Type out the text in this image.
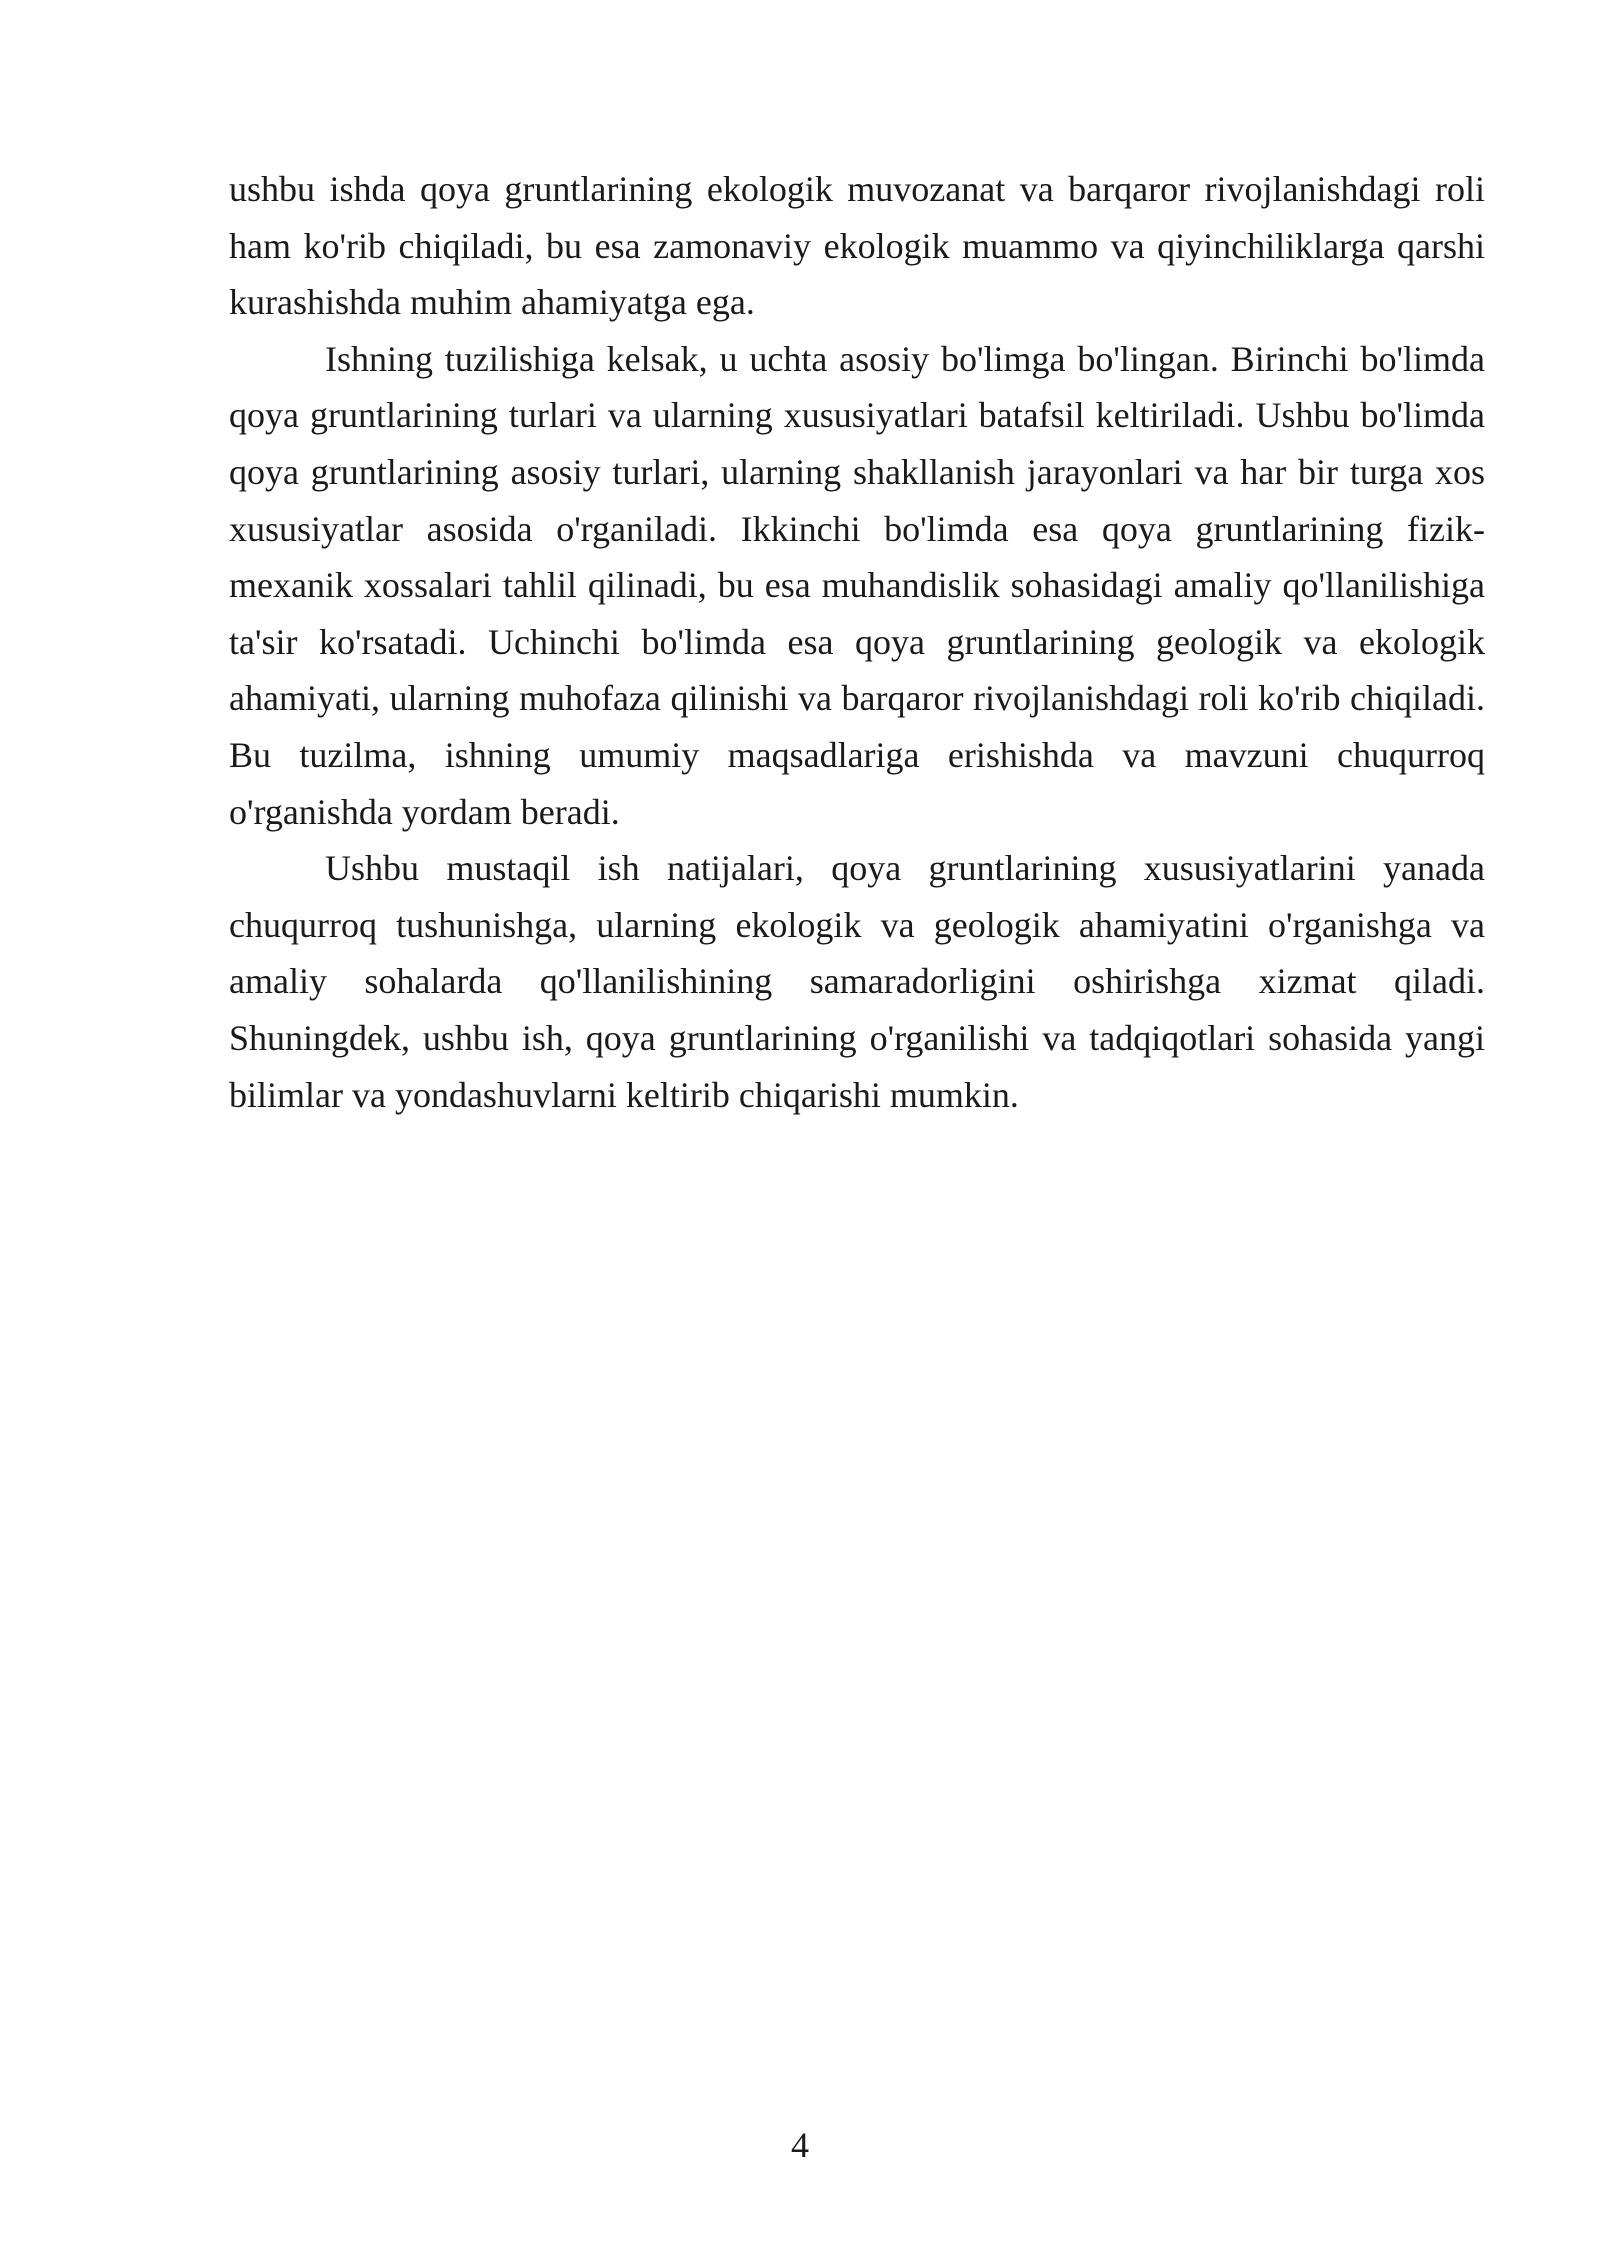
ushbu ishda qoya gruntlarining ekologik muvozanat va barqaror rivojlanishdagi roli ham ko'rib chiqiladi, bu esa zamonaviy ekologik muammo va qiyinchiliklarga qarshi kurashishda muhim ahamiyatga ega.

Ishning tuzilishiga kelsak, u uchta asosiy bo'limga bo'lingan. Birinchi bo'limda qoya gruntlarining turlari va ularning xususiyatlari batafsil keltiriladi. Ushbu bo'limda qoya gruntlarining asosiy turlari, ularning shakllanish jarayonlari va har bir turga xos xususiyatlar asosida o'rganiladi. Ikkinchi bo'limda esa qoya gruntlarining fizik-mexanik xossalari tahlil qilinadi, bu esa muhandislik sohasidagi amaliy qo'llanilishiga ta'sir ko'rsatadi. Uchinchi bo'limda esa qoya gruntlarining geologik va ekologik ahamiyati, ularning muhofaza qilinishi va barqaror rivojlanishdagi roli ko'rib chiqiladi. Bu tuzilma, ishning umumiy maqsadlariga erishishda va mavzuni chuqurroq o'rganishda yordam beradi.

Ushbu mustaqil ish natijalari, qoya gruntlarining xususiyatlarini yanada chuqurroq tushunishga, ularning ekologik va geologik ahamiyatini o'rganishga va amaliy sohalarda qo'llanilishining samaradorligini oshirishga xizmat qiladi. Shuningdek, ushbu ish, qoya gruntlarining o'rganilishi va tadqiqotlari sohasida yangi bilimlar va yondashuvlarni keltirib chiqarishi mumkin.

4
